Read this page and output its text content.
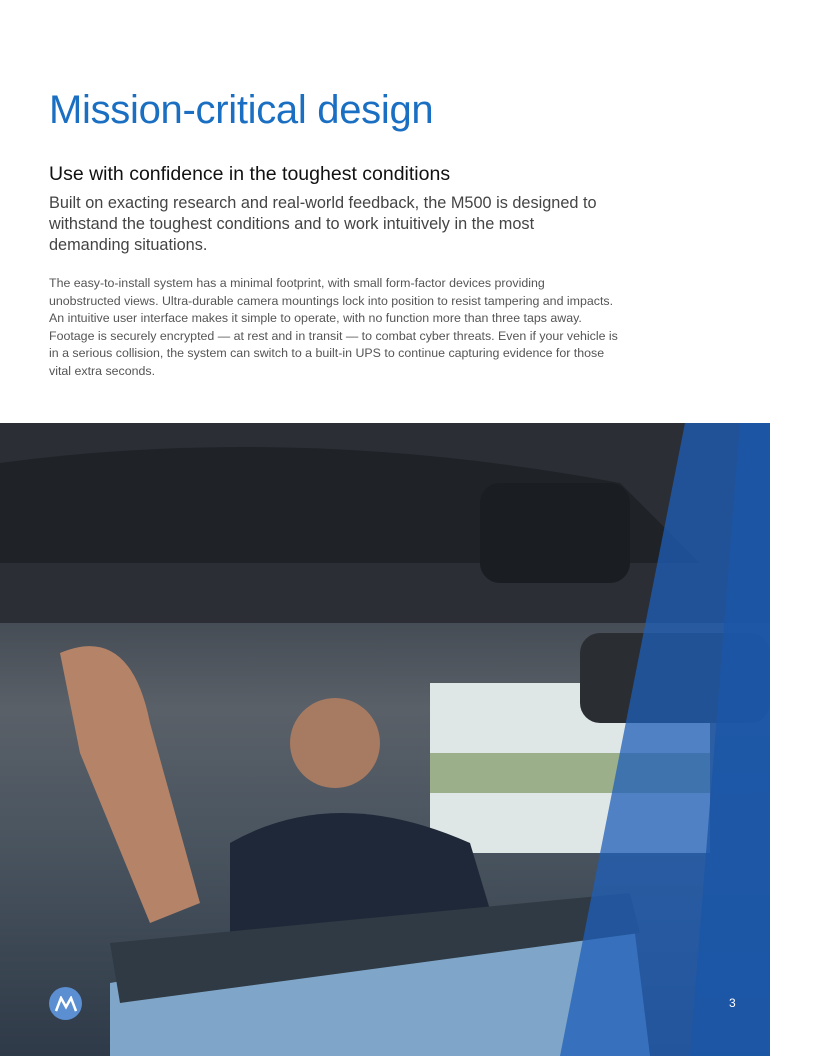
Mission-critical design
Use with confidence in the toughest conditions

Built on exacting research and real-world feedback, the M500 is designed to withstand the toughest conditions and to work intuitively in the most demanding situations.

The easy-to-install system has a minimal footprint, with small form-factor devices providing unobstructed views. Ultra-durable camera mountings lock into position to resist tampering and impacts. An intuitive user interface makes it simple to operate, with no function more than three taps away. Footage is securely encrypted — at rest and in transit — to combat cyber threats. Even if your vehicle is in a serious collision, the system can switch to a built-in UPS to continue capturing evidence for those vital extra seconds.

3
